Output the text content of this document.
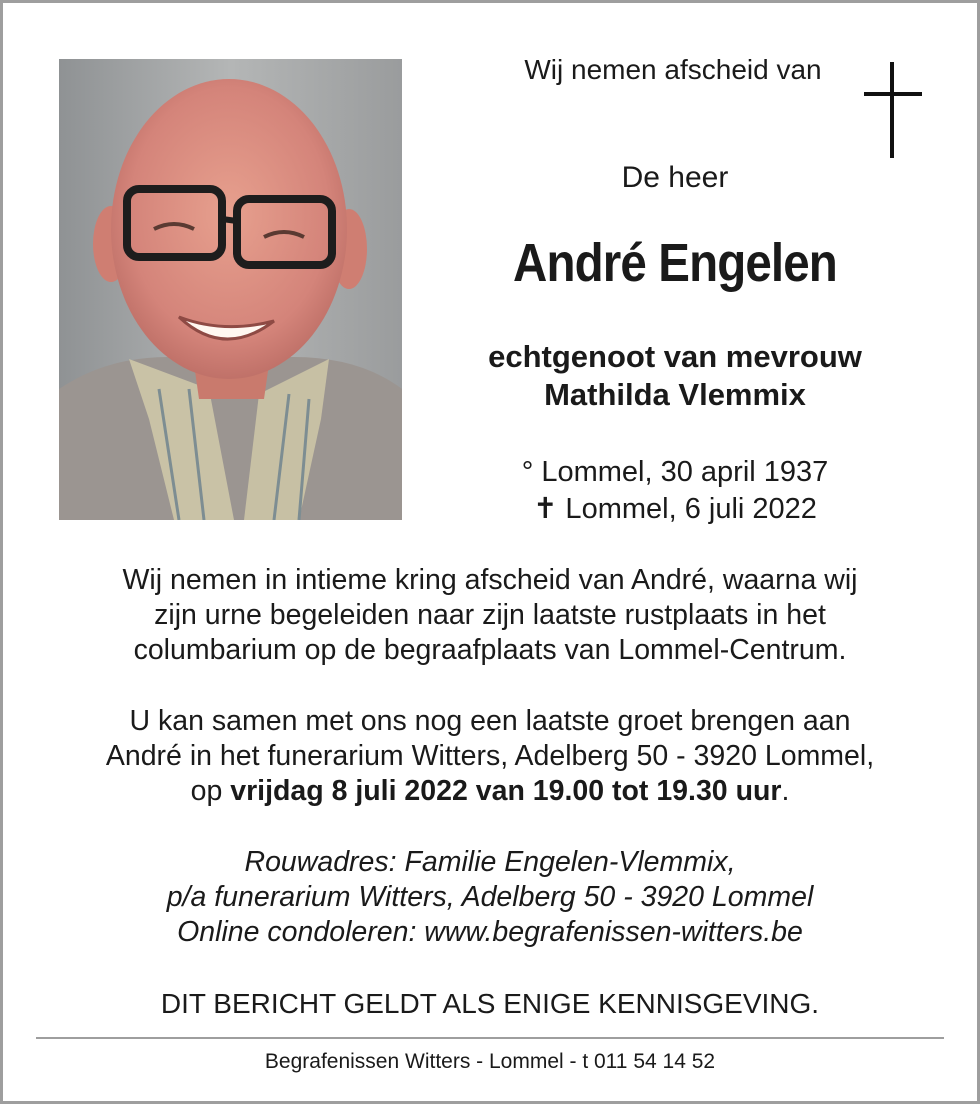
Wij nemen afscheid van
De heer
André Engelen
echtgenoot van mevrouw
Mathilda Vlemmix
° Lommel, 30 april 1937
✝ Lommel, 6 juli 2022
Wij nemen in intieme kring afscheid van André, waarna wij
zijn urne begeleiden naar zijn laatste rustplaats in het
columbarium op de begraafplaats van Lommel-Centrum.
U kan samen met ons nog een laatste groet brengen aan
André in het funerarium Witters, Adelberg 50 - 3920 Lommel,
op vrijdag 8 juli 2022 van 19.00 tot 19.30 uur.
Rouwadres: Familie Engelen-Vlemmix,
p/a funerarium Witters, Adelberg 50 - 3920 Lommel
Online condoleren: www.begrafenissen-witters.be
DIT BERICHT GELDT ALS ENIGE KENNISGEVING.
Begrafenissen Witters - Lommel - t 011 54 14 52
